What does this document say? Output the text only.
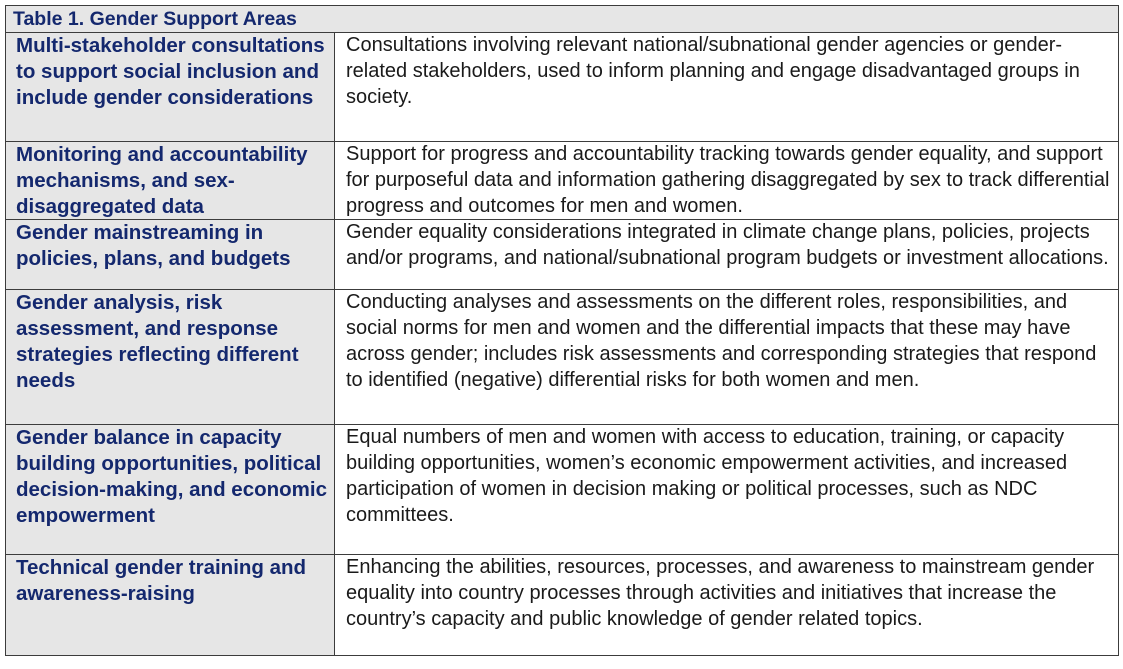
Table 1. Gender Support Areas	

Multi-stakeholder consultations to support social inclusion and include gender considerations	Consultations involving relevant national/subnational gender agencies or gender-related stakeholders, used to inform planning and engage disadvantaged groups in society.

Monitoring and accountability mechanisms, and sex-disaggregated data	Support for progress and accountability tracking towards gender equality, and support for purposeful data and information gathering disaggregated by sex to track differential progress and outcomes for men and women.

Gender mainstreaming in policies, plans, and budgets	Gender equality considerations integrated in climate change plans, policies, projects and/or programs, and national/subnational program budgets or investment allocations.

Gender analysis, risk assessment, and response strategies reflecting different needs	Conducting analyses and assessments on the different roles, responsibilities, and social norms for men and women and the differential impacts that these may have across gender; includes risk assessments and corresponding strategies that respond to identified (negative) differential risks for both women and men.

Gender balance in capacity building opportunities, political decision-making, and economic empowerment	Equal numbers of men and women with access to education, training, or capacity building opportunities, women’s economic empowerment activities, and increased participation of women in decision making or political processes, such as NDC committees.

Technical gender training and awareness-raising	Enhancing the abilities, resources, processes, and awareness to mainstream gender equality into country processes through activities and initiatives that increase the country’s capacity and public knowledge of gender related topics.
